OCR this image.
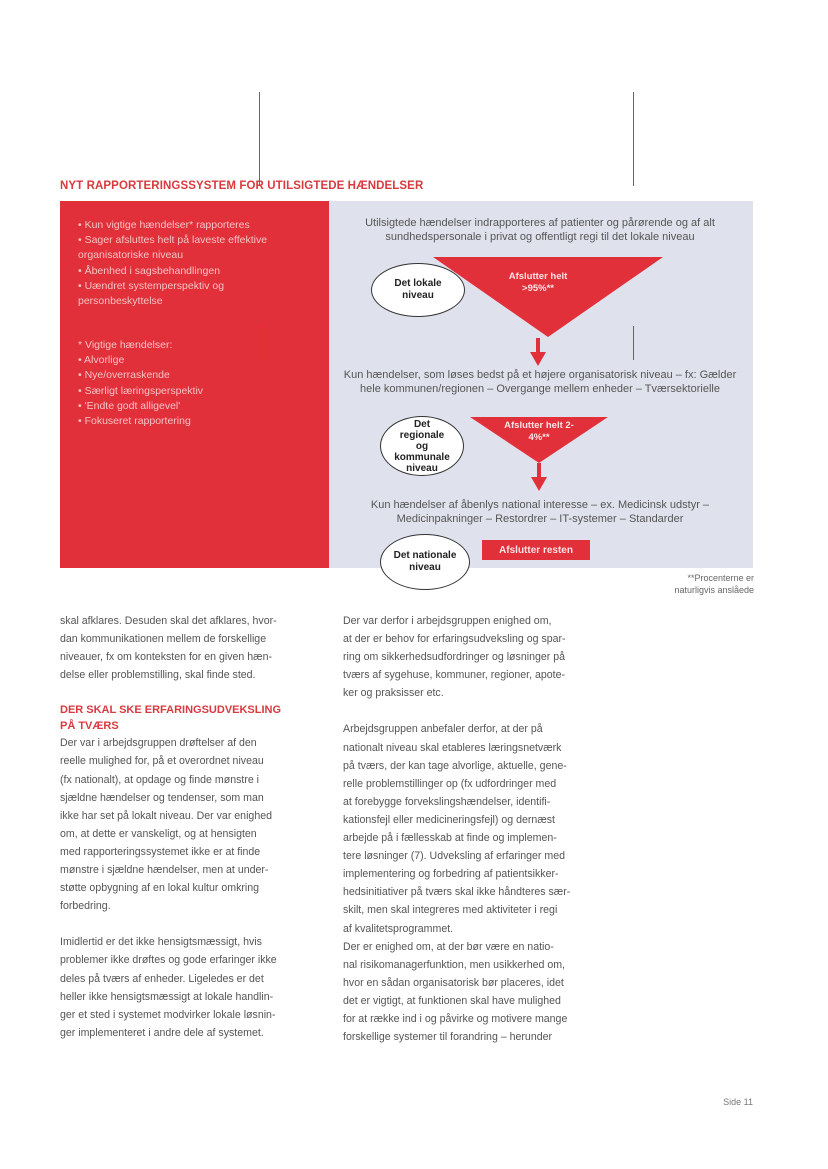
NYT RAPPORTERINGSSYSTEM FOR UTILSIGTEDE HÆNDELSER
• Kun vigtige hændelser* rapporteres
• Sager afsluttes helt på laveste effektive
organisatoriske niveau
• Åbenhed i sagsbehandlingen
• Uændret systemperspektiv og
personbeskyttelse
* Vigtige hændelser:
• Alvorlige
• Nye/overraskende
• Særligt læringsperspektiv
• 'Endte godt alligevel'
• Fokuseret rapportering
Utilsigtede hændelser indrapporteres af patienter og pårørende og af alt sundhedspersonale i privat og offentligt regi til det lokale niveau
Afslutter helt >95%**
Det lokale niveau
Kun hændelser, som løses bedst på et højere organisatorisk niveau – fx: Gælder hele kommunen/regionen – Overgange mellem enheder – Tværsektorielle
Afslutter helt 2-4%**
Det regionale og kommunale niveau
Kun hændelser af åbenlys national interesse – ex. Medicinsk udstyr – Medicinpakninger – Restordrer – IT-systemer – Standarder
Det nationale niveau
Afslutter resten
**Procenterne er
naturligvis anslåede

skal afklares. Desuden skal det afklares, hvor-
dan kommunikationen mellem de forskellige
niveauer, fx om konteksten for en given hæn-
delse eller problemstilling, skal finde sted.

DER SKAL SKE ERFARINGSUDVEKSLING
PÅ TVÆRS

Der var i arbejdsgruppen drøftelser af den
reelle mulighed for, på et overordnet niveau
(fx nationalt), at opdage og finde mønstre i
sjældne hændelser og tendenser, som man
ikke har set på lokalt niveau. Der var enighed
om, at dette er vanskeligt, og at hensigten
med rapporteringssystemet ikke er at finde
mønstre i sjældne hændelser, men at under-
støtte opbygning af en lokal kultur omkring
forbedring.

Imidlertid er det ikke hensigtsmæssigt, hvis
problemer ikke drøftes og gode erfaringer ikke
deles på tværs af enheder. Ligeledes er det
heller ikke hensigtsmæssigt at lokale handlin-
ger et sted i systemet modvirker lokale løsnin-
ger implementeret i andre dele af systemet.

Der var derfor i arbejdsgruppen enighed om,
at der er behov for erfaringsudveksling og spar-
ring om sikkerhedsudfordringer og løsninger på
tværs af sygehuse, kommuner, regioner, apote-
ker og praksisser etc.

Arbejdsgruppen anbefaler derfor, at der på
nationalt niveau skal etableres læringsnetværk
på tværs, der kan tage alvorlige, aktuelle, gene-
relle problemstillinger op (fx udfordringer med
at forebygge forvekslingshændelser, identifi-
kationsfejl eller medicineringsfejl) og dernæst
arbejde på i fællesskab at finde og implemen-
tere løsninger (7). Udveksling af erfaringer med
implementering og forbedring af patientsikker-
hedsinitiativer på tværs skal ikke håndteres sær-
skilt, men skal integreres med aktiviteter i regi
af kvalitetsprogrammet.

Der er enighed om, at der bør være en natio-
nal risikomanagerfunktion, men usikkerhed om,
hvor en sådan organisatorisk bør placeres, idet
det er vigtigt, at funktionen skal have mulighed
for at række ind i og påvirke og motivere mange
forskellige systemer til forandring – herunder

Side 11
